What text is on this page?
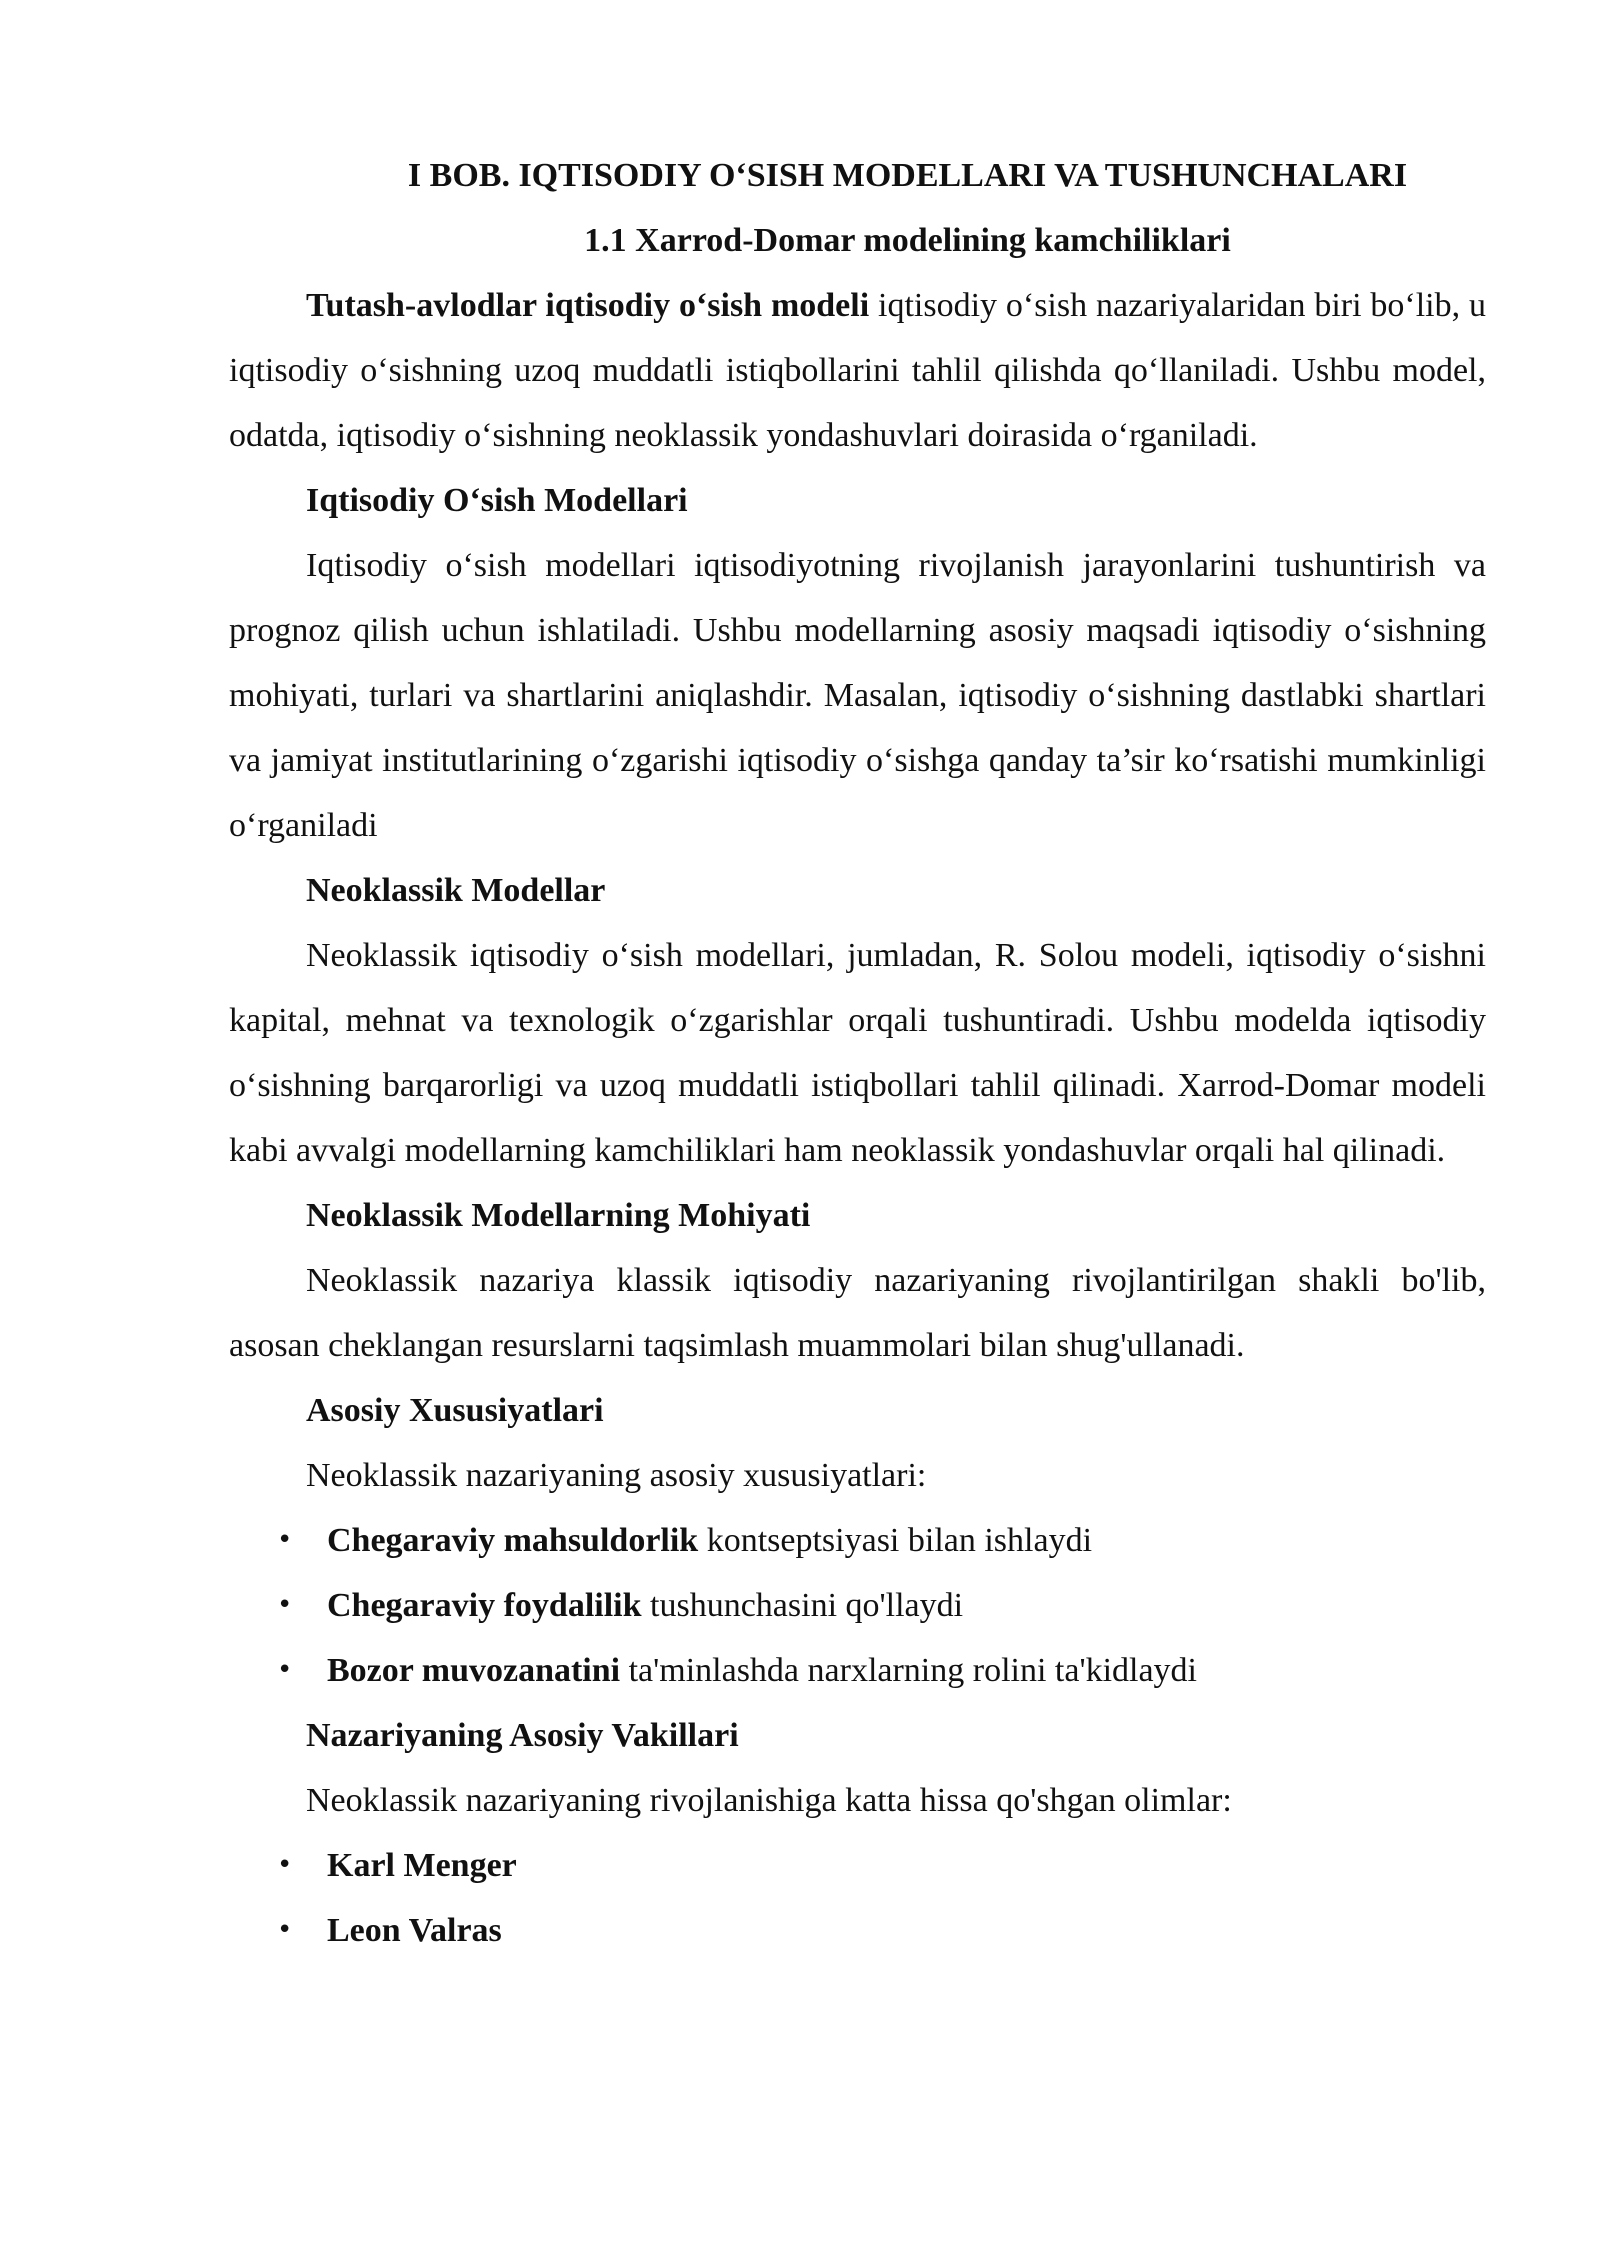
I BOB. IQTISODIY O‘SISH MODELLARI VA TUSHUNCHALARI
1.1 Xarrod-Domar modelining kamchiliklari

Tutash-avlodlar iqtisodiy o‘sish modeli iqtisodiy o‘sish nazariyalaridan biri bo‘lib, u iqtisodiy o‘sishning uzoq muddatli istiqbollarini tahlil qilishda qo‘llaniladi. Ushbu model, odatda, iqtisodiy o‘sishning neoklassik yondashuvlari doirasida o‘rganiladi.

Iqtisodiy O‘sish Modellari

Iqtisodiy o‘sish modellari iqtisodiyotning rivojlanish jarayonlarini tushuntirish va prognoz qilish uchun ishlatiladi. Ushbu modellarning asosiy maqsadi iqtisodiy o‘sishning mohiyati, turlari va shartlarini aniqlashdir. Masalan, iqtisodiy o‘sishning dastlabki shartlari va jamiyat institutlarining o‘zgarishi iqtisodiy o‘sishga qanday ta’sir ko‘rsatishi mumkinligi o‘rganiladi

Neoklassik Modellar

Neoklassik iqtisodiy o‘sish modellari, jumladan, R. Solou modeli, iqtisodiy o‘sishni kapital, mehnat va texnologik o‘zgarishlar orqali tushuntiradi. Ushbu modelda iqtisodiy o‘sishning barqarorligi va uzoq muddatli istiqbollari tahlil qilinadi. Xarrod-Domar modeli kabi avvalgi modellarning kamchiliklari ham neoklassik yondashuvlar orqali hal qilinadi.

Neoklassik Modellarning Mohiyati

Neoklassik nazariya klassik iqtisodiy nazariyaning rivojlantirilgan shakli bo'lib, asosan cheklangan resurslarni taqsimlash muammolari bilan shug'ullanadi.

Asosiy Xususiyatlari

Neoklassik nazariyaning asosiy xususiyatlari:

• Chegaraviy mahsuldorlik kontseptsiyasi bilan ishlaydi
• Chegaraviy foydalilik tushunchasini qo'llaydi
• Bozor muvozanatini ta'minlashda narxlarning rolini ta'kidlaydi
Nazariyaning Asosiy Vakillari

Neoklassik nazariyaning rivojlanishiga katta hissa qo'shgan olimlar:

• Karl Menger
• Leon Valras
